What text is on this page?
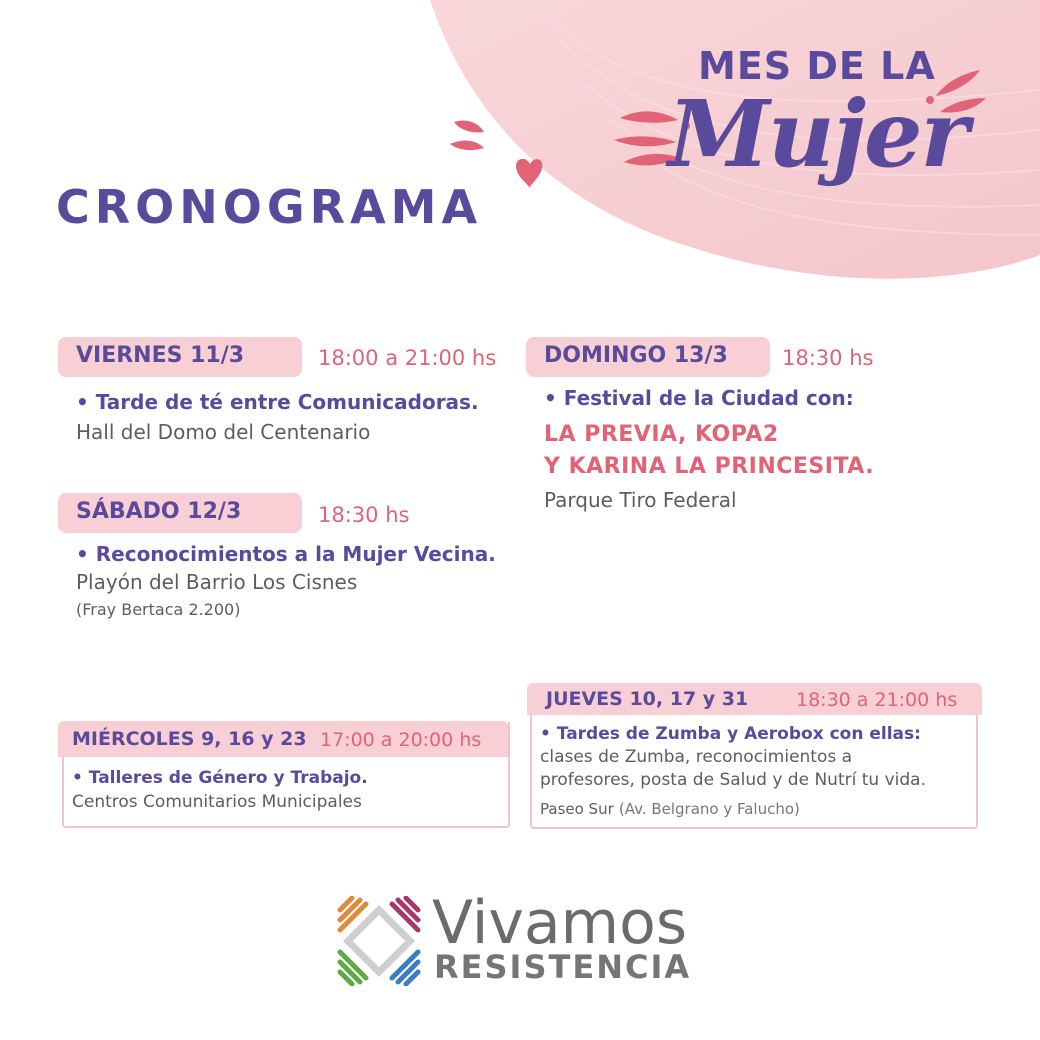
MES DE LA
Mujer
CRONOGRAMA
VIERNES 11/3	18:00 a 21:00 hs
• Tarde de té entre Comunicadoras.
Hall del Domo del Centenario
SÁBADO 12/3	18:30 hs
• Reconocimientos a la Mujer Vecina.
Playón del Barrio Los Cisnes
(Fray Bertaca 2.200)
DOMINGO 13/3	18:30 hs
• Festival de la Ciudad con:
LA PREVIA, KOPA2
Y KARINA LA PRINCESITA.
Parque Tiro Federal
MIÉRCOLES 9, 16 y 23 17:00 a 20:00 hs
• Talleres de Género y Trabajo.
Centros Comunitarios Municipales
JUEVES 10, 17 y 31	18:30 a 21:00 hs
• Tardes de Zumba y Aerobox con ellas:
clases de Zumba, reconocimientos a
profesores, posta de Salud y de Nutrí tu vida.
Paseo Sur (Av. Belgrano y Falucho)
Vivamos
RESISTENCIA
